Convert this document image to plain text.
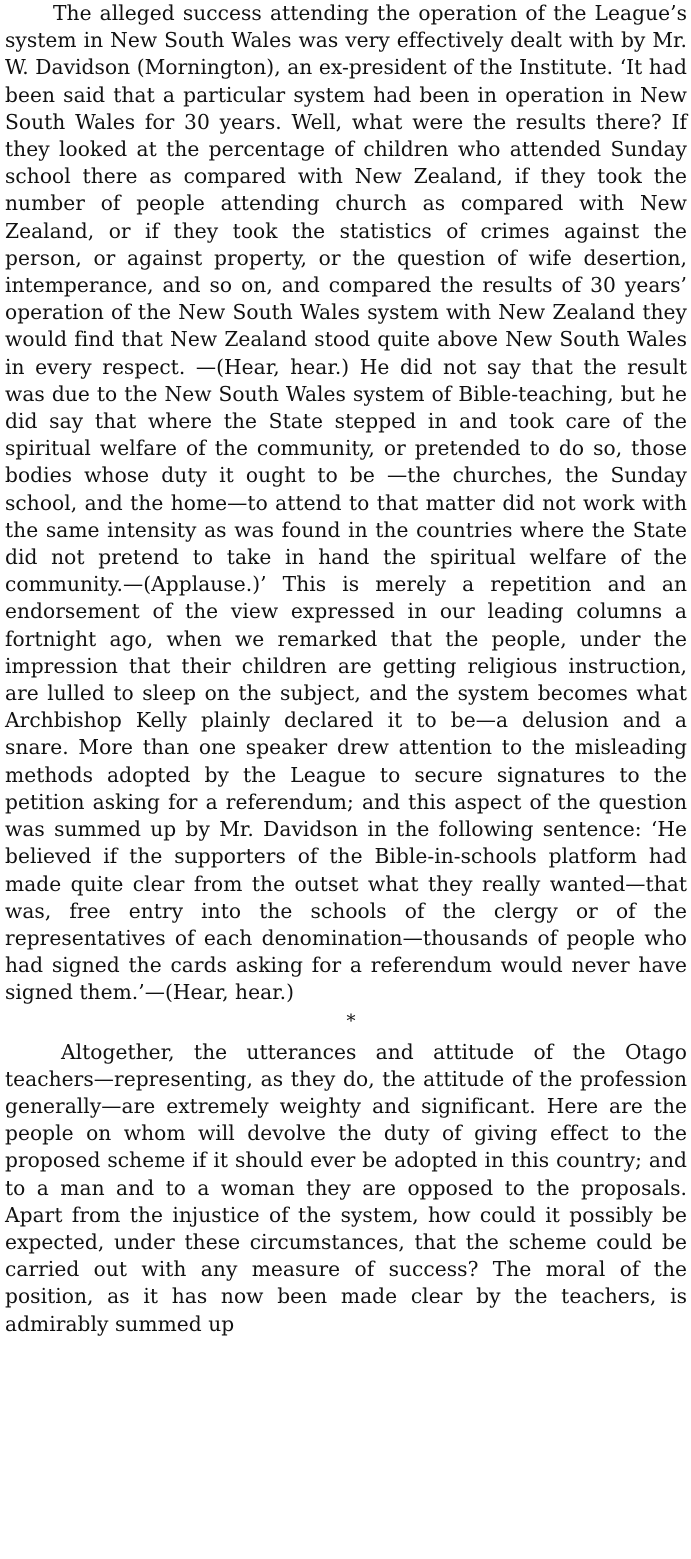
The alleged success attending the operation of the League’s system in New South Wales was very effectively dealt with by Mr. W. Davidson (Mornington), an ex-president of the Institute. ‘It had been said that a particular system had been in operation in New South Wales for 30 years. Well, what were the results there? If they looked at the percentage of children who attended Sunday school there as compared with New Zealand, if they took the number of people attending church as compared with New Zealand, or if they took the statistics of crimes against the person, or against property, or the question of wife desertion, intemperance, and so on, and compared the results of 30 years’ operation of the New South Wales system with New Zealand they would find that New Zealand stood quite above New South Wales in every respect. —(Hear, hear.) He did not say that the result was due to the New South Wales system of Bible-teaching, but he did say that where the State stepped in and took care of the spiritual welfare of the community, or pretended to do so, those bodies whose duty it ought to be —the churches, the Sunday school, and the home—to attend to that matter did not work with the same intensity as was found in the countries where the State did not pretend to take in hand the spiritual welfare of the community.—(Applause.)’ This is merely a repetition and an endorsement of the view expressed in our leading columns a fortnight ago, when we remarked that the people, under the impression that their children are getting religious instruction, are lulled to sleep on the subject, and the system becomes what Archbishop Kelly plainly declared it to be—a delusion and a snare. More than one speaker drew attention to the misleading methods adopted by the League to secure signatures to the petition asking for a referendum; and this aspect of the question was summed up by Mr. Davidson in the following sentence: ‘He believed if the supporters of the Bible-in-schools platform had made quite clear from the outset what they really wanted—that was, free entry into the schools of the clergy or of the representatives of each denomination—thousands of people who had signed the cards asking for a referendum would never have signed them.’—(Hear, hear.)

*

Altogether, the utterances and attitude of the Otago teachers—representing, as they do, the attitude of the profession generally—are extremely weighty and significant. Here are the people on whom will devolve the duty of giving effect to the proposed scheme if it should ever be adopted in this country; and to a man and to a woman they are opposed to the proposals. Apart from the injustice of the system, how could it possibly be expected, under these circumstances, that the scheme could be carried out with any measure of success? The moral of the position, as it has now been made clear by the teachers, is admirably summed up
